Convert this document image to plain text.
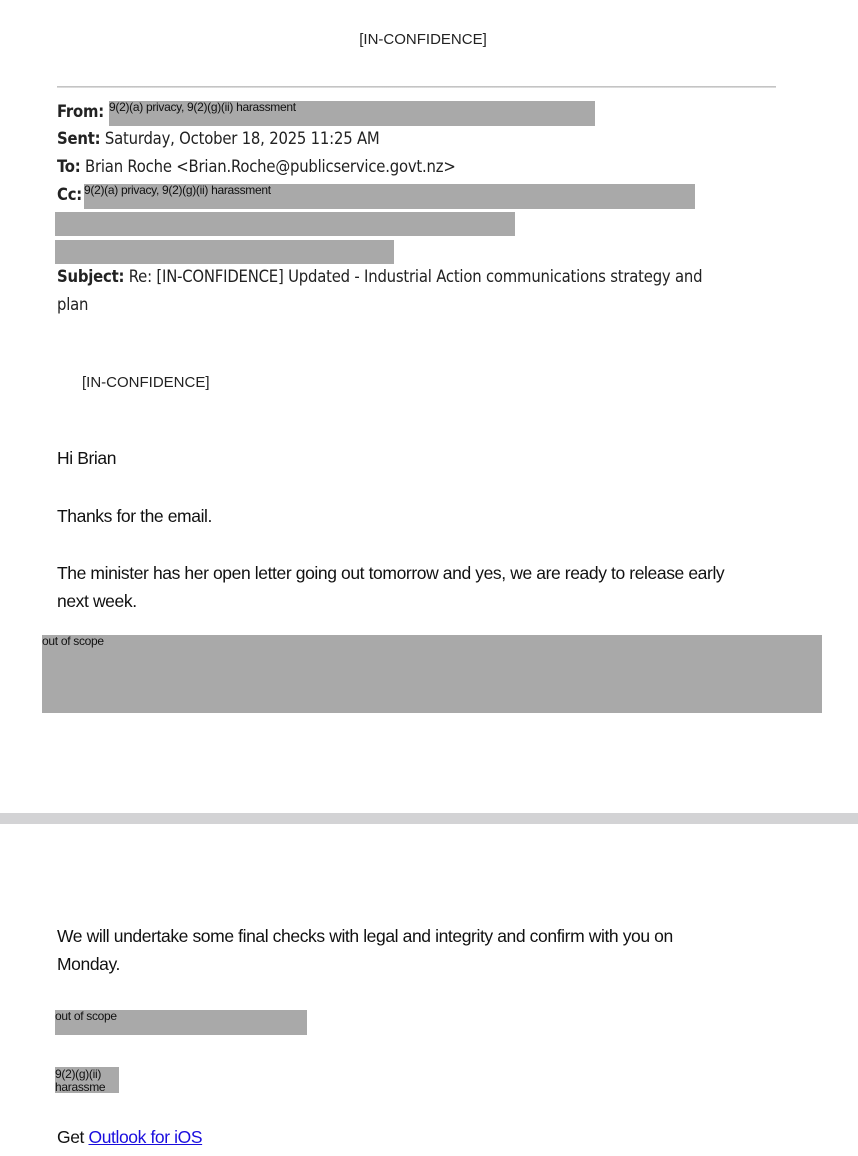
[IN-CONFIDENCE]
From: 9(2)(a) privacy, 9(2)(g)(ii) harassment
Sent: Saturday, October 18, 2025 11:25 AM
To: Brian Roche <Brian.Roche@publicservice.govt.nz>
Cc: 9(2)(a) privacy, 9(2)(g)(ii) harassment
Subject: Re: [IN-CONFIDENCE] Updated - Industrial Action communications strategy and
plan
[IN-CONFIDENCE]
Hi Brian
Thanks for the email.
The minister has her open letter going out tomorrow and yes, we are ready to release early
next week.
out of scope
We will undertake some final checks with legal and integrity and confirm with you on
Monday.
out of scope
9(2)(g)(ii)
harassme
Get Outlook for iOS
